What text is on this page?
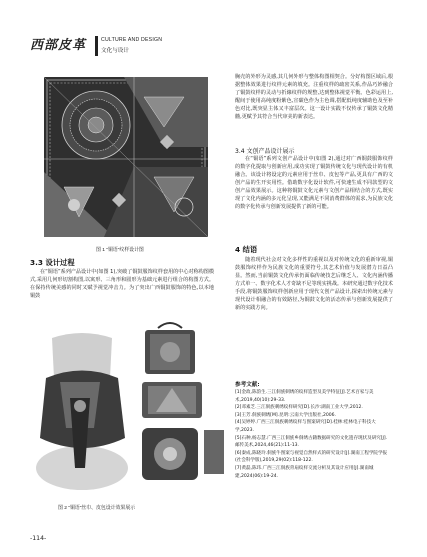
西部皮革	CULTURE AND DESIGN
文化与设计
图 1 “铜语”纹样设计图
3.3 设计过程
在“铜语”系列产品设计中(如图 1),突破了铜鼓服饰纹样套用的中心对称构图模式,采用几何形切割构图,以寓形、三角形和圆形为基础元素进行组合的构图方式。在保持传统美感的同时又赋予视觉冲击力。为了突出广西铜鼓服饰的特色,以本地铜鼓
图 2 “铜语”丝巾、皮包设计效果展示
胸壳的外形为灵感,其几何外形与整体构图相契合。分好构图区域后,根据整体效果进行纹样元素的填充。注重纹样的疏密关系,作品巧妙融合了铜鼓纹样的灵动与折線纹样的规整,达到整体视觉平衡。色彩运用上,醒间于使用高纯度粉紫色,宣碳色作为主色调,搭配低纯度辅助色及至补色对比,既突显主体又丰富层次。这一设计实践不仅传承了铜鼓文化精髓,更赋予其符合当代审美的新表达。
3.4 文创产品设计展示
在“铜语”系列文创产品设计中(如图 2),通过对广西铜鼓服饰纹样的数字化提取与创新应用,成功实现了铜鼓传统文化与现代设计的有机融合。该设计将设定的元素应用于丝巾、皮包等产品,更具有广西的文创产品的生开实用性。借助数字化设计软件,可快速生成不同款型的文创产品效果展示。这种将铜鼓文化元素与文创产品相结合的方式,既实现了文化内涵的多元化呈现,又能满足不同消费群体的需求,为民族文化的数字化传承与创新发展提供了新的可能。
4 结语
随着现代社会对文化多样性的重视以及对传统文化的重新审视,铜鼓服饰纹样作为民族文化的重要符号,其艺术价值与发展潜力日益凸显。然而,当前铜鼓文化传承仍面临传统技艺后继乏人、文化内涵传播方式单一、数字化术人才奇缺不足等现实挑战。本研究通过数字化技术手段,将铜鼓服饰纹样创新应用于现代文创产品设计,探索出传统元素与现代设计相融合的有效路径,为铜鼓文化的活态传承与创新发展提供了新的实践方向。
参考文献:
[1]金政,陈韵生.三江侗族刺绣的纹样造型及美学特征[J].艺术百家与美术,2019,40(10):29-33.
[2]邓素芝.三江侗族刺绣纹样研究[D].长沙:湖南工业大学,2012.
[3]王芳.侗族刺绣[M].昆明:云南大学出版社,2006.
[4]吴婷婷.广西三江侗族刺绣纹样与图案研究[D].桂林:桂林电子科技大学,2023.
[5]石种,杨志慧.广西三江侗族乡侗绣古籍数据研究的文化遗存现状及研究[J].邮传美术,2024,46(21):11-13.
[6]秦成,陈晓玲.侗族牛图案与视觉自然样式的研究设计[J].湖南工程学院学报(社会科学版),2019,29(02):118-122.
[7]黄磊,陈玮.广西三江侗族背扇纹样交流分析及其设计应用[J].湖南城建,2024(06):19-24.
-114-
